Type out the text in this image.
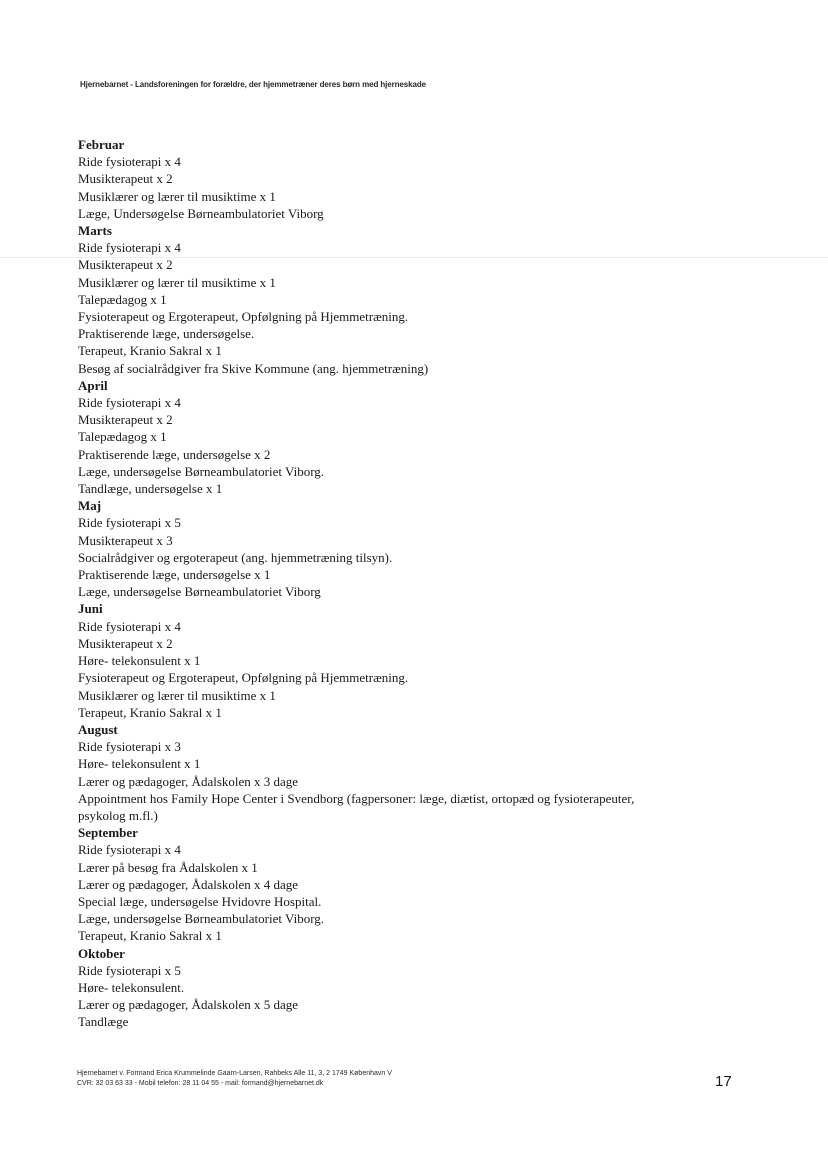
Hjernebarnet - Landsforeningen for forældre, der hjemmetræner deres børn med hjerneskade
Februar
Ride fysioterapi x 4
Musikterapeut x 2
Musiklærer og lærer til musiktime x 1
Læge, Undersøgelse Børneambulatoriet Viborg
Marts
Ride fysioterapi x 4
Musikterapeut x 2
Musiklærer og lærer til musiktime x 1
Talepædagog x 1
Fysioterapeut og Ergoterapeut, Opfølgning på Hjemmetræning.
Praktiserende læge, undersøgelse.
Terapeut, Kranio Sakral x 1
Besøg af socialrådgiver fra Skive Kommune (ang. hjemmetræning)
April
Ride fysioterapi x 4
Musikterapeut x 2
Talepædagog x 1
Praktiserende læge, undersøgelse x 2
Læge, undersøgelse Børneambulatoriet Viborg.
Tandlæge, undersøgelse x 1
Maj
Ride fysioterapi x 5
Musikterapeut x 3
Socialrådgiver og ergoterapeut (ang. hjemmetræning tilsyn).
Praktiserende læge, undersøgelse x 1
Læge, undersøgelse Børneambulatoriet Viborg
Juni
Ride fysioterapi x 4
Musikterapeut x 2
Høre- telekonsulent x 1
Fysioterapeut og Ergoterapeut, Opfølgning på Hjemmetræning.
Musiklærer og lærer til musiktime x 1
Terapeut, Kranio Sakral x 1
August
Ride fysioterapi x 3
Høre- telekonsulent x 1
Lærer og pædagoger, Ådalskolen x 3 dage
Appointment hos Family Hope Center i Svendborg (fagpersoner: læge, diætist, ortopæd og fysioterapeuter, psykolog m.fl.)
September
Ride fysioterapi x 4
Lærer på besøg fra Ådalskolen x 1
Lærer og pædagoger, Ådalskolen x 4 dage
Special læge, undersøgelse Hvidovre Hospital.
Læge, undersøgelse Børneambulatoriet Viborg.
Terapeut, Kranio Sakral x 1
Oktober
Ride fysioterapi x 5
Høre- telekonsulent.
Lærer og pædagoger, Ådalskolen x 5 dage
Tandlæge
Hjernebarnet v. Formand Erica Krummelinde Gaarn-Larsen, Rahbeks Alle 11, 3, 2 1749 København V
CVR: 32 03 63 33 - Mobil telefon: 28 11 04 55 - mail: formand@hjernebarnet.dk	17
